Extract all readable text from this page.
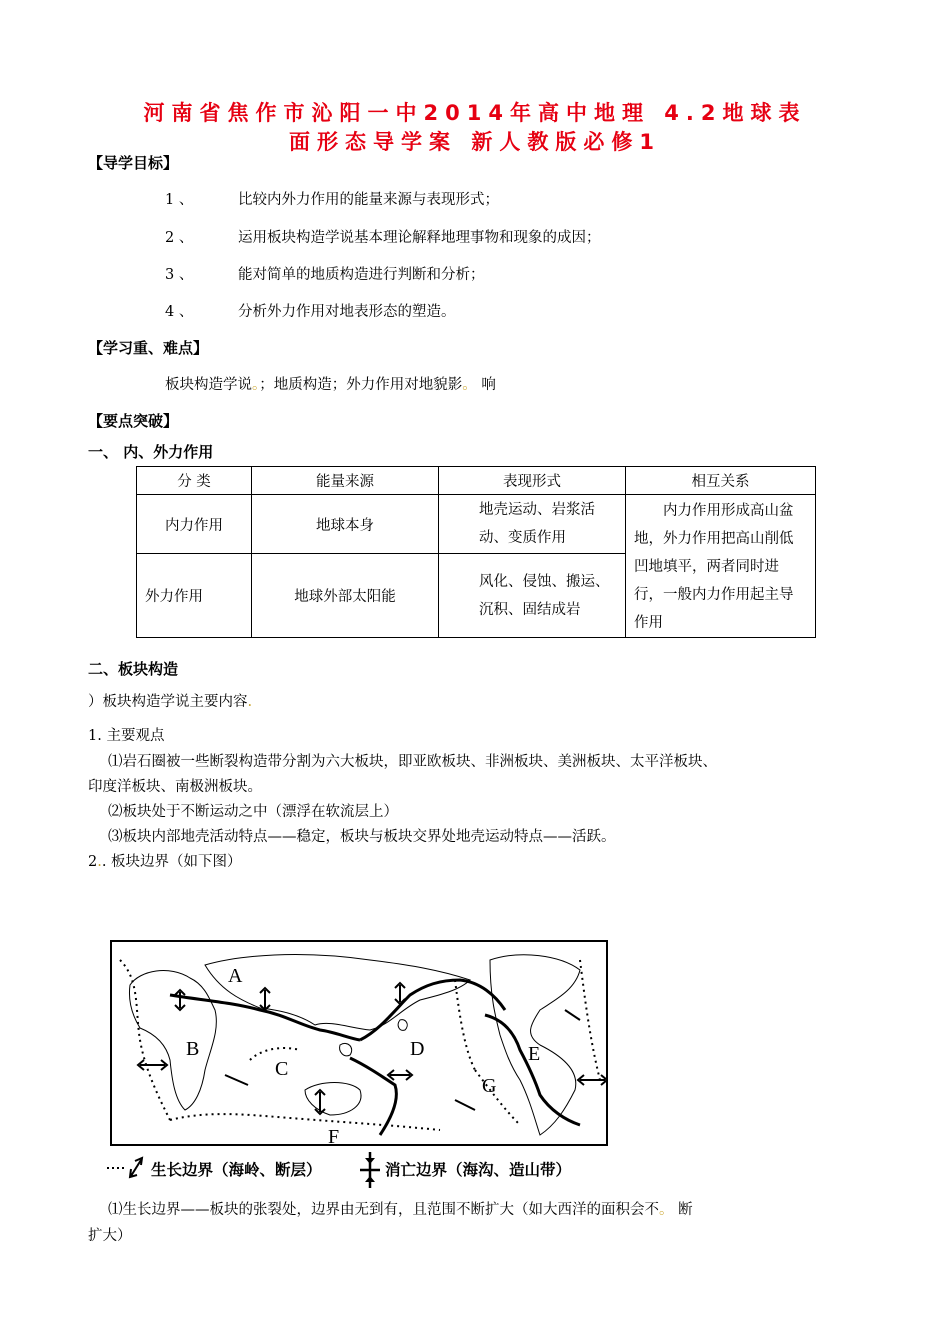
河南省焦作市沁阳一中2014年高中地理 4.2地球表
面形态导学案 新人教版必修1
【导学目标】
1 、	比较内外力作用的能量来源与表现形式；
2 、	运用板块构造学说基本理论解释地理事物和现象的成因；
3 、	能对简单的地质构造进行判断和分析；
4 、	分析外力作用对地表形态的塑造。
【学习重、难点】
板块构造学说。；地质构造；外力作用对地貌影。 响
【要点突破】
一、 内、外力作用
分 类	能量来源	表现形式	相互关系
内力作用	地球本身	地壳运动、岩浆活动、变质作用	内力作用形成高山盆地，外力作用把高山削低凹地填平，两者同时进行，一般内力作用起主导作用
外力作用	地球外部太阳能	风化、侵蚀、搬运、沉积、固结成岩	
二、板块构造
）板块构造学说主要内容.
1. 主要观点
⑴岩石圈被一些断裂构造带分割为六大板块，即亚欧板块、非洲板块、美洲板块、太平洋板块、
印度洋板块、南极洲板块。
⑵板块处于不断运动之中（漂浮在软流层上）
⑶板块内部地壳活动特点——稳定，板块与板块交界处地壳运动特点——活跃。
2.. 板块边界（如下图）
A
B
C
D	E
F
G
生长边界（海岭、断层）	消亡边界（海沟、造山带）
⑴生长边界——板块的张裂处，边界由无到有，且范围不断扩大（如大西洋的面积会不。 断
扩大）
